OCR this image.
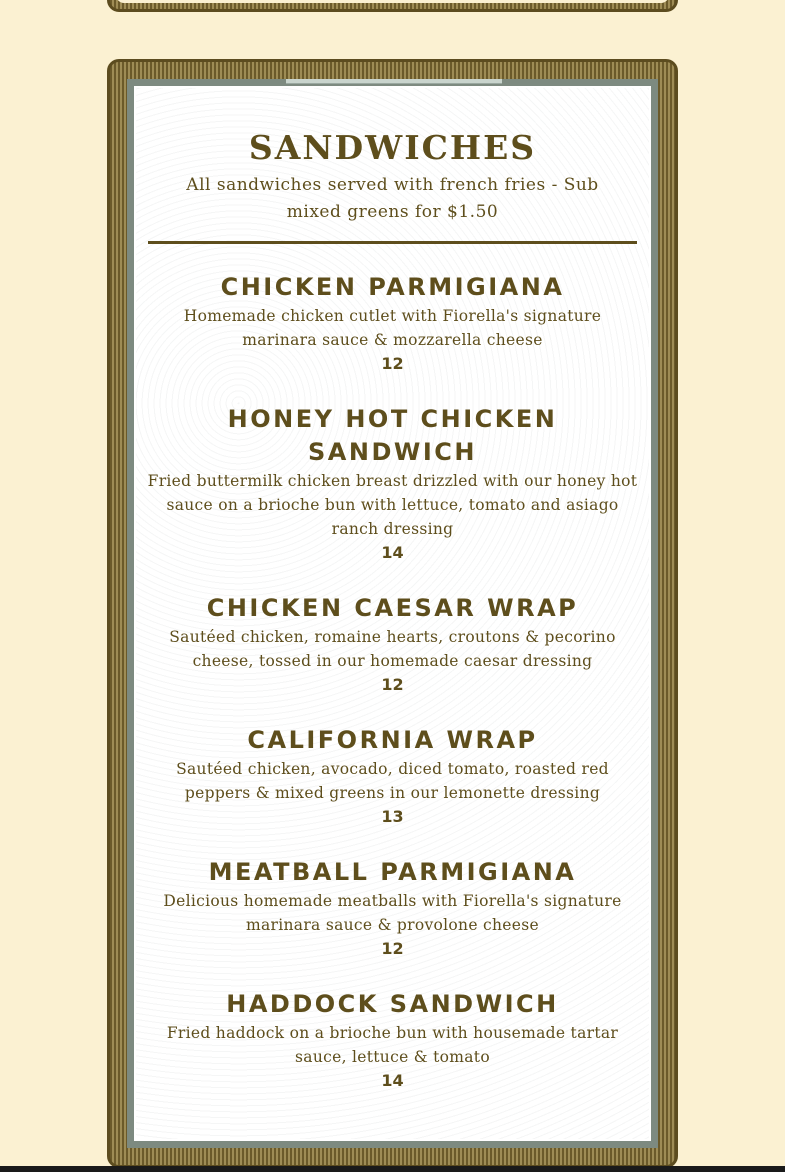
SANDWICHES
All sandwiches served with french fries - Sub mixed greens for $1.50
CHICKEN PARMIGIANA
Homemade chicken cutlet with Fiorella's signature marinara sauce & mozzarella cheese
12
HONEY HOT CHICKEN SANDWICH
Fried buttermilk chicken breast drizzled with our honey hot sauce on a brioche bun with lettuce, tomato and asiago ranch dressing
14
CHICKEN CAESAR WRAP
Sautéed chicken, romaine hearts, croutons & pecorino cheese, tossed in our homemade caesar dressing
12
CALIFORNIA WRAP
Sautéed chicken, avocado, diced tomato, roasted red peppers & mixed greens in our lemonette dressing
13
MEATBALL PARMIGIANA
Delicious homemade meatballs with Fiorella's signature marinara sauce & provolone cheese
12
HADDOCK SANDWICH
Fried haddock on a brioche bun with housemade tartar sauce, lettuce & tomato
14
